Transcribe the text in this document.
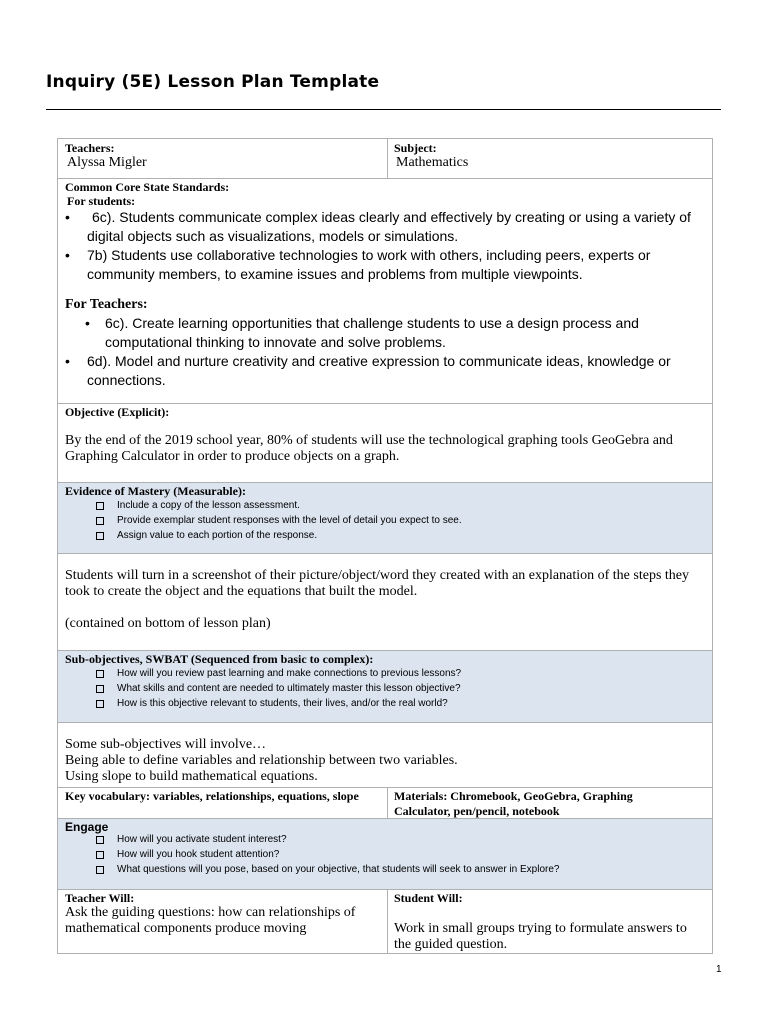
Inquiry (5E) Lesson Plan Template
Teachers:
Alyssa Migler
Subject:
Mathematics
Common Core State Standards:
For students:
• 6c). Students communicate complex ideas clearly and effectively by creating or using a variety of digital objects such as visualizations, models or simulations.
• 7b) Students use collaborative technologies to work with others, including peers, experts or community members, to examine issues and problems from multiple viewpoints.
For Teachers:
• 6c). Create learning opportunities that challenge students to use a design process and computational thinking to innovate and solve problems.
• 6d). Model and nurture creativity and creative expression to communicate ideas, knowledge or connections.
Objective (Explicit):
By the end of the 2019 school year, 80% of students will use the technological graphing tools GeoGebra and Graphing Calculator in order to produce objects on a graph.
Evidence of Mastery (Measurable):
Include a copy of the lesson assessment.
Provide exemplar student responses with the level of detail you expect to see.
Assign value to each portion of the response.
Students will turn in a screenshot of their picture/object/word they created with an explanation of the steps they took to create the object and the equations that built the model.
(contained on bottom of lesson plan)
Sub-objectives, SWBAT (Sequenced from basic to complex):
How will you review past learning and make connections to previous lessons?
What skills and content are needed to ultimately master this lesson objective?
How is this objective relevant to students, their lives, and/or the real world?
Some sub-objectives will involve…
Being able to define variables and relationship between two variables.
Using slope to build mathematical equations.
Key vocabulary: variables, relationships, equations, slope	Materials: Chromebook, GeoGebra, Graphing Calculator, pen/pencil, notebook
Engage
How will you activate student interest?
How will you hook student attention?
What questions will you pose, based on your objective, that students will seek to answer in Explore?
Teacher Will:
Ask the guiding questions: how can relationships of mathematical components produce moving
Student Will:
Work in small groups trying to formulate answers to the guided question.
1
